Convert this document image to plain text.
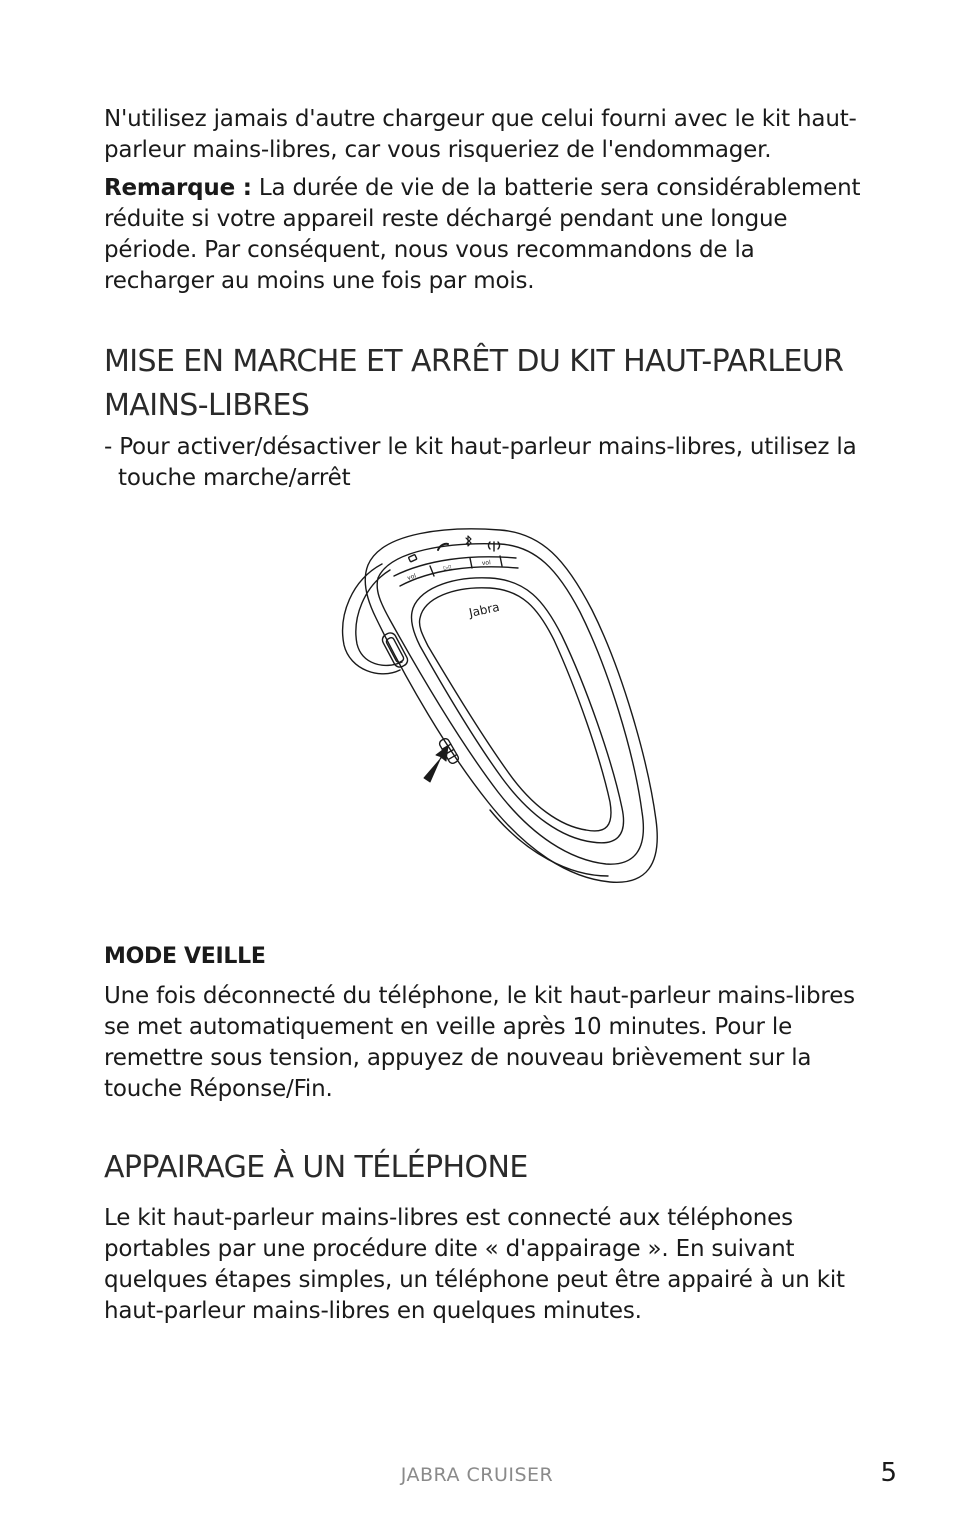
N'utilisez jamais d'autre chargeur que celui fourni avec le kit haut-parleur mains-libres, car vous risqueriez de l'endommager.

Remarque : La durée de vie de la batterie sera considérablement réduite si votre appareil reste déchargé pendant une longue période. Par conséquent, nous vous recommandons de la recharger au moins une fois par mois.

MISE EN MARCHE ET ARRÊT DU KIT HAUT-PARLEUR MAINS-LIBRES

- Pour activer/désactiver le kit haut-parleur mains-libres, utilisez la touche marche/arrêt

vol
▷▯
vol
Jabra
MODE VEILLE

Une fois déconnecté du téléphone, le kit haut-parleur mains-libres se met automatiquement en veille après 10 minutes. Pour le remettre sous tension, appuyez de nouveau brièvement sur la touche Réponse/Fin.

APPAIRAGE À UN TÉLÉPHONE

Le kit haut-parleur mains-libres est connecté aux téléphones portables par une procédure dite « d'appairage ». En suivant quelques étapes simples, un téléphone peut être appairé à un kit haut-parleur mains-libres en quelques minutes.

JABRA CRUISER	5
